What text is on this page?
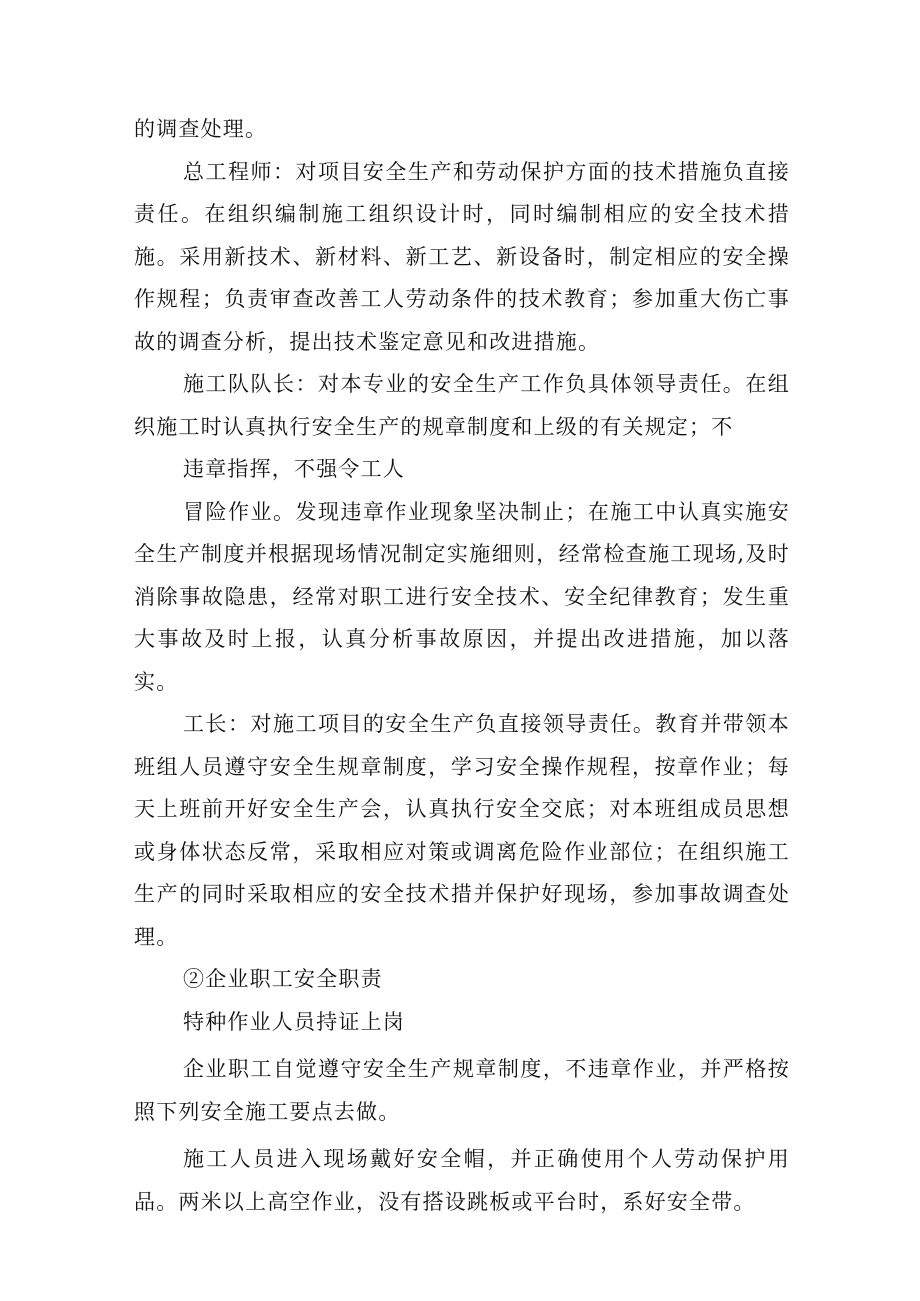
的调查处理。

总工程师：对项目安全生产和劳动保护方面的技术措施负直接责任。在组织编制施工组织设计时，同时编制相应的安全技术措施。采用新技术、新材料、新工艺、新设备时，制定相应的安全操作规程；负责审查改善工人劳动条件的技术教育；参加重大伤亡事故的调查分析，提出技术鉴定意见和改进措施。

施工队队长：对本专业的安全生产工作负具体领导责任。在组织施工时认真执行安全生产的规章制度和上级的有关规定；不

违章指挥，不强令工人

冒险作业。发现违章作业现象坚决制止；在施工中认真实施安全生产制度并根据现场情况制定实施细则，经常检查施工现场,及时消除事故隐患，经常对职工进行安全技术、安全纪律教育；发生重大事故及时上报，认真分析事故原因，并提出改进措施，加以落实。

工长：对施工项目的安全生产负直接领导责任。教育并带领本班组人员遵守安全生规章制度，学习安全操作规程，按章作业；每天上班前开好安全生产会，认真执行安全交底；对本班组成员思想或身体状态反常，采取相应对策或调离危险作业部位；在组织施工生产的同时采取相应的安全技术措并保护好现场，参加事故调查处理。

②企业职工安全职责

特种作业人员持证上岗

企业职工自觉遵守安全生产规章制度，不违章作业，并严格按照下列安全施工要点去做。

施工人员进入现场戴好安全帽，并正确使用个人劳动保护用品。两米以上高空作业，没有搭设跳板或平台时，系好安全带。
